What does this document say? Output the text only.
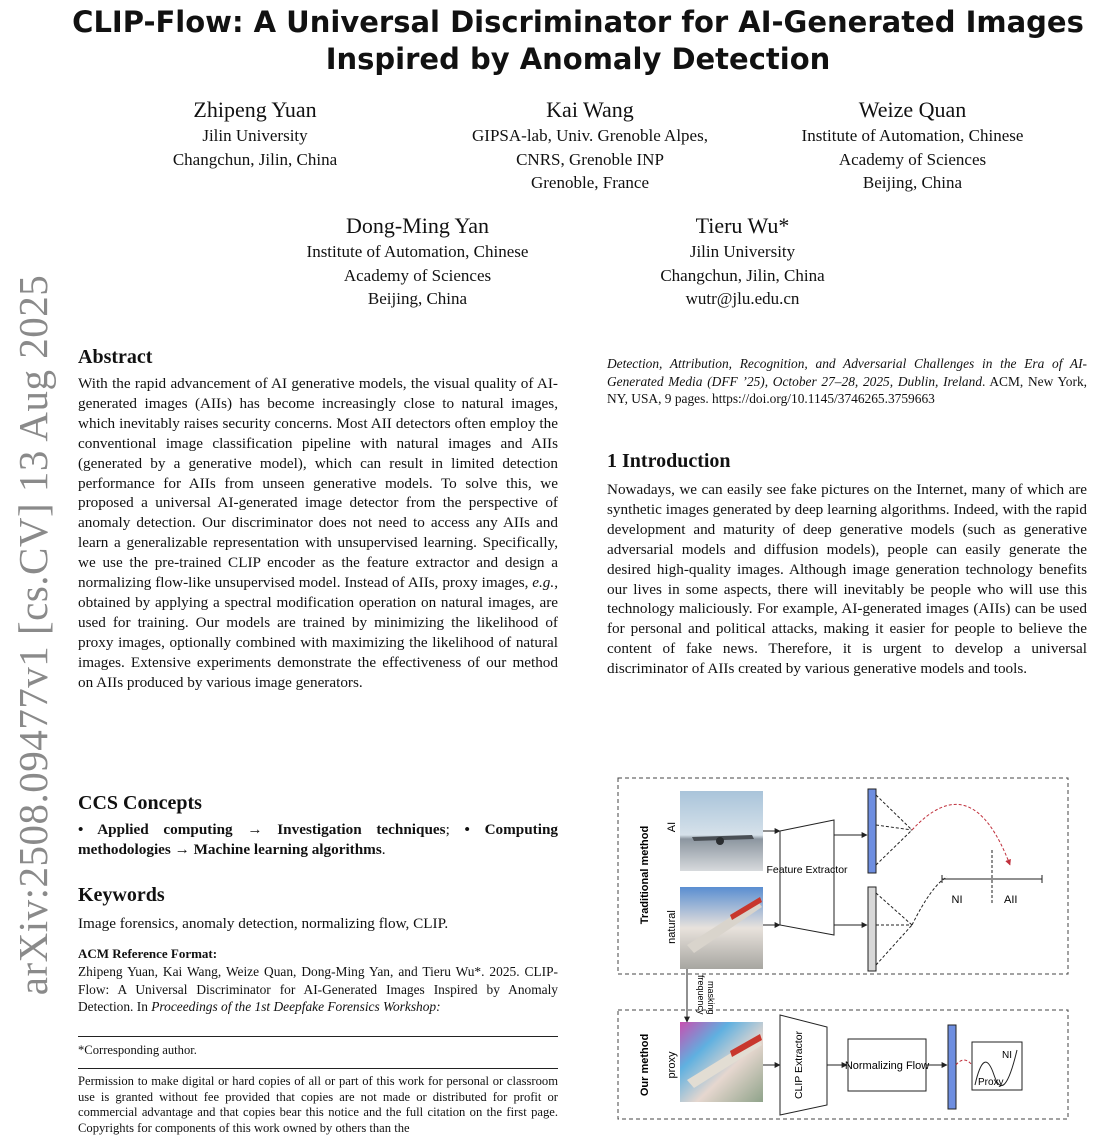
arXiv:2508.09477v1 [cs.CV] 13 Aug 2025
CLIP-Flow: A Universal Discriminator for AI-Generated Images
Inspired by Anomaly Detection
Zhipeng Yuan
Jilin University
Changchun, Jilin, China
Kai Wang
GIPSA-lab, Univ. Grenoble Alpes,
CNRS, Grenoble INP
Grenoble, France
Weize Quan
Institute of Automation, Chinese
Academy of Sciences
Beijing, China
Dong-Ming Yan
Institute of Automation, Chinese
Academy of Sciences
Beijing, China
Tieru Wu*
Jilin University
Changchun, Jilin, China
wutr@jlu.edu.cn
Abstract
With the rapid advancement of AI generative models, the visual quality of AI-generated images (AIIs) has become increasingly close to natural images, which inevitably raises security concerns. Most AII detectors often employ the conventional image classification pipeline with natural images and AIIs (generated by a generative model), which can result in limited detection performance for AIIs from unseen generative models. To solve this, we proposed a universal AI-generated image detector from the perspective of anomaly detection. Our discriminator does not need to access any AIIs and learn a generalizable representation with unsupervised learning. Specifically, we use the pre-trained CLIP encoder as the feature extractor and design a normalizing flow-like unsupervised model. Instead of AIIs, proxy images, e.g., obtained by applying a spectral modification operation on natural images, are used for training. Our models are trained by minimizing the likelihood of proxy images, optionally combined with maximizing the likelihood of natural images. Extensive experiments demonstrate the effectiveness of our method on AIIs produced by various image generators.
CCS Concepts
• Applied computing → Investigation techniques; • Computing methodologies → Machine learning algorithms.
Keywords
Image forensics, anomaly detection, normalizing flow, CLIP.
ACM Reference Format:
Zhipeng Yuan, Kai Wang, Weize Quan, Dong-Ming Yan, and Tieru Wu*. 2025. CLIP-Flow: A Universal Discriminator for AI-Generated Images Inspired by Anomaly Detection. In Proceedings of the 1st Deepfake Forensics Workshop:
*Corresponding author.
Permission to make digital or hard copies of all or part of this work for personal or classroom use is granted without fee provided that copies are not made or distributed for profit or commercial advantage and that copies bear this notice and the full citation on the first page. Copyrights for components of this work owned by others than the
Detection, Attribution, Recognition, and Adversarial Challenges in the Era of AI-Generated Media (DFF ’25), October 27–28, 2025, Dublin, Ireland. ACM, New York, NY, USA, 9 pages. https://doi.org/10.1145/3746265.3759663
1 Introduction
Nowadays, we can easily see fake pictures on the Internet, many of which are synthetic images generated by deep learning algorithms. Indeed, with the rapid development and maturity of deep generative models (such as generative adversarial models and diffusion models), people can easily generate the desired high-quality images. Although image generation technology benefits our lives in some aspects, there will inevitably be people who will use this technology maliciously. For example, AI-generated images (AIIs) can be used for personal and political attacks, making it easier for people to believe the content of fake news. Therefore, it is urgent to develop a universal discriminator of AIIs created by various generative models and tools.
Traditional method
Our method
AI
natural
proxy
Feature Extractor
NI	AII
frequency masking
CLIP Extractor	Normalizing Flow
NI
Proxy
